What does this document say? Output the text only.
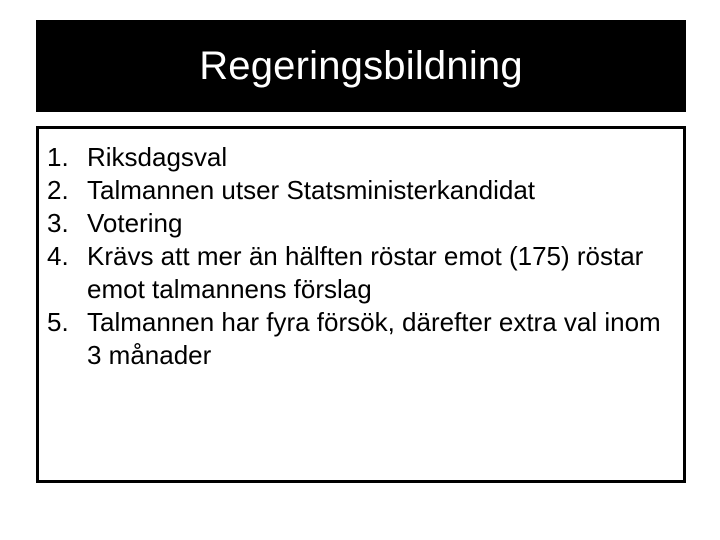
Regeringsbildning
1. Riksdagsval
2. Talmannen utser Statsministerkandidat
3. Votering
4. Krävs att mer än hälften röstar emot (175) röstar emot talmannens förslag
5. Talmannen har fyra försök, därefter extra val inom 3 månader
